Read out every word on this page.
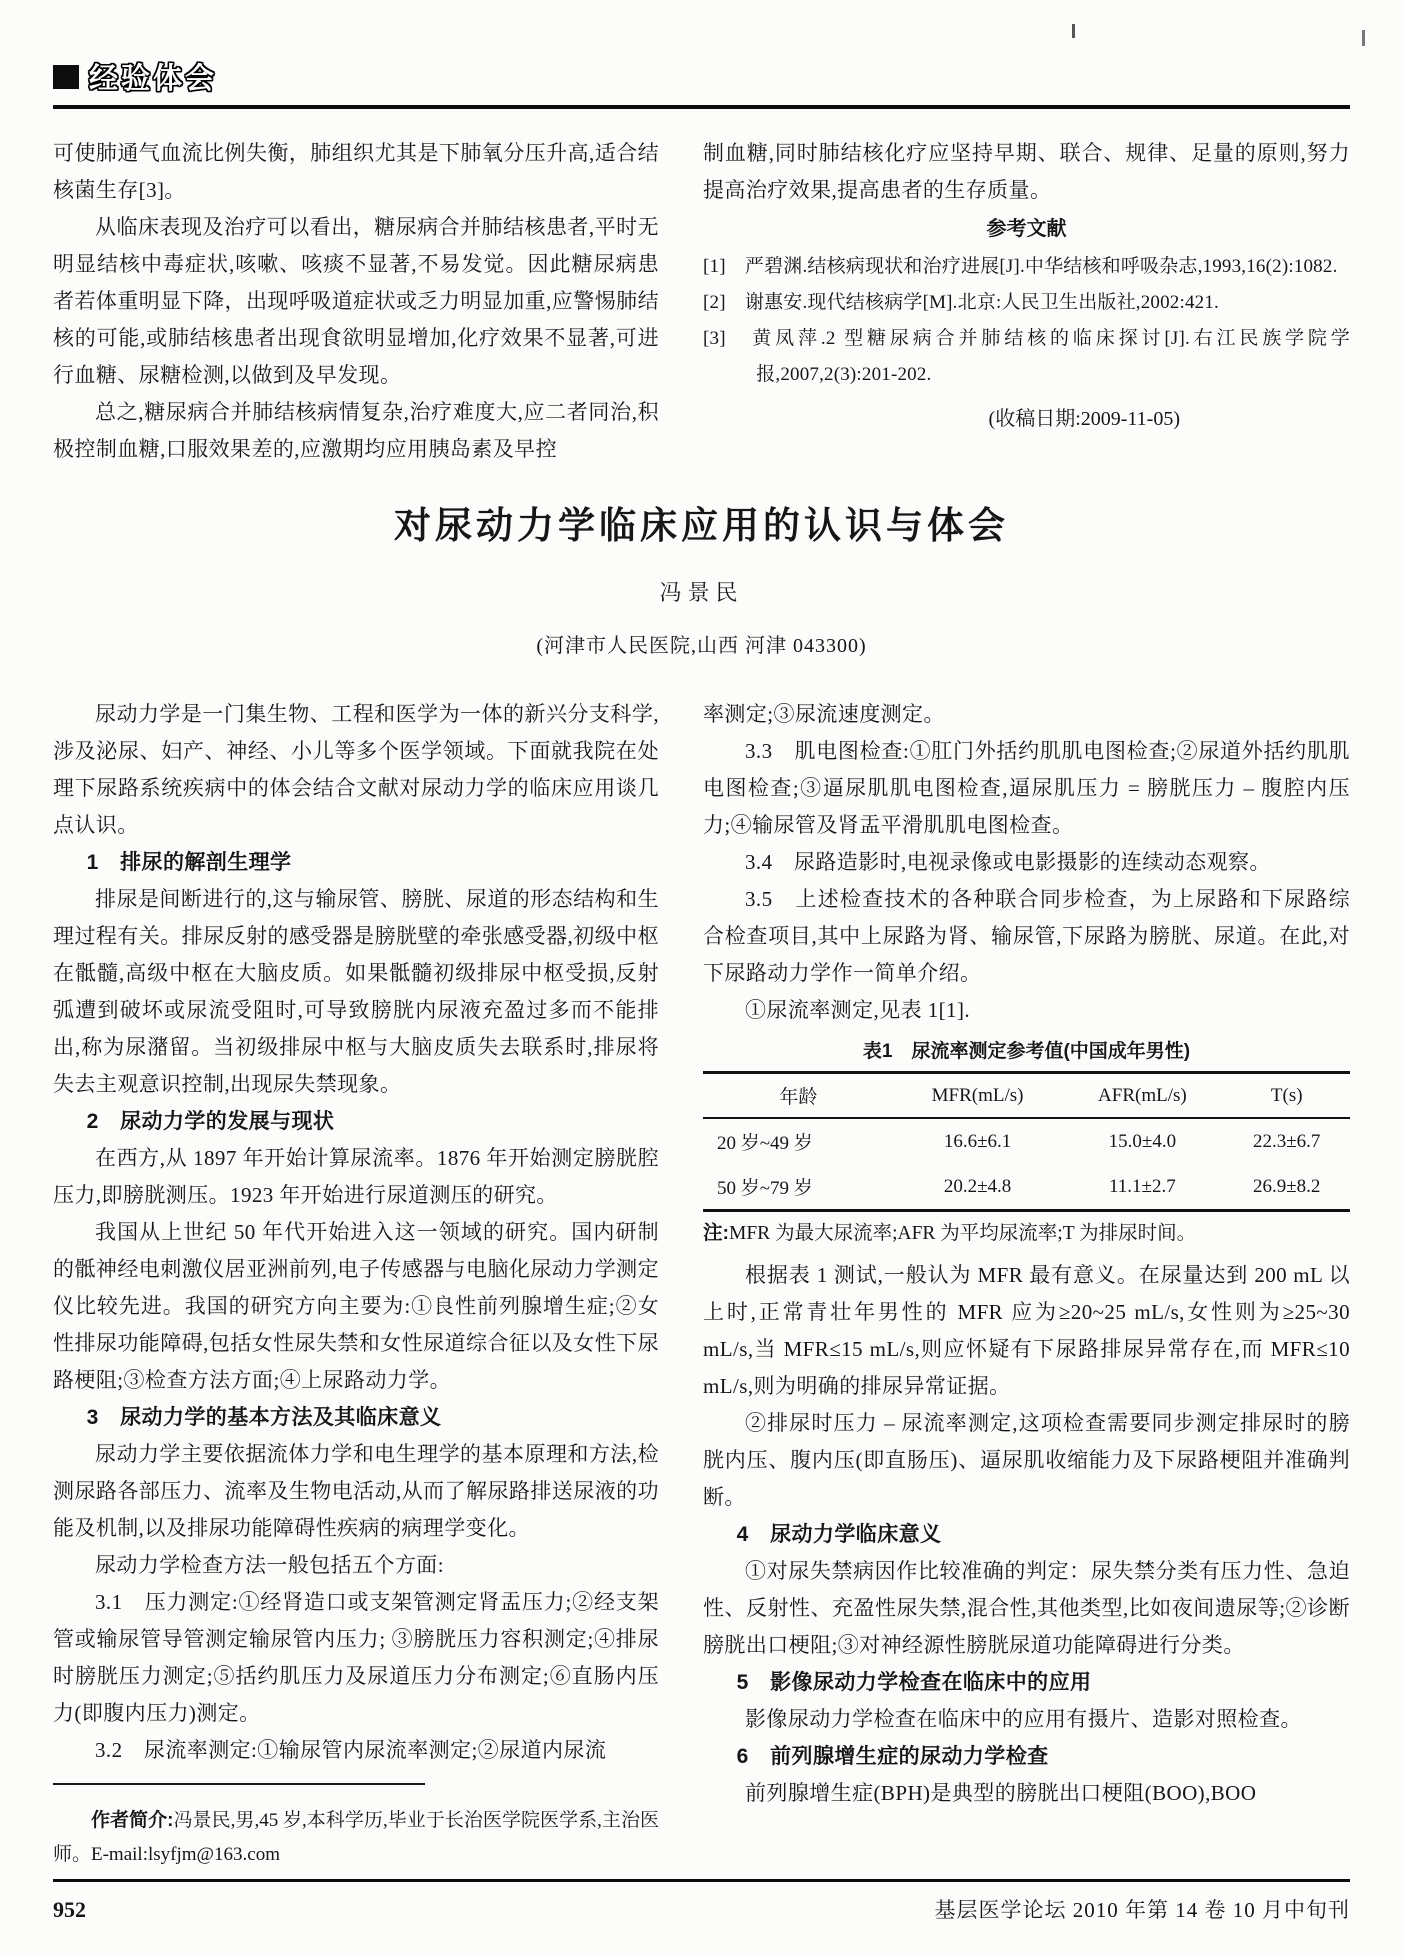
经验体会

可使肺通气血流比例失衡，肺组织尤其是下肺氧分压升高,适合结核菌生存[3]。

从临床表现及治疗可以看出，糖尿病合并肺结核患者,平时无明显结核中毒症状,咳嗽、咳痰不显著,不易发觉。因此糖尿病患者若体重明显下降，出现呼吸道症状或乏力明显加重,应警惕肺结核的可能,或肺结核患者出现食欲明显增加,化疗效果不显著,可进行血糖、尿糖检测,以做到及早发现。

总之,糖尿病合并肺结核病情复杂,治疗难度大,应二者同治,积极控制血糖,口服效果差的,应激期均应用胰岛素及早控

制血糖,同时肺结核化疗应坚持早期、联合、规律、足量的原则,努力提高治疗效果,提高患者的生存质量。

参考文献

[1]　严碧渊.结核病现状和治疗进展[J].中华结核和呼吸杂志,1993,16(2):1082.

[2]　谢惠安.现代结核病学[M].北京:人民卫生出版社,2002:421.

[3]　黄凤萍.2 型糖尿病合并肺结核的临床探讨[J].右江民族学院学报,2007,2(3):201-202.

(收稿日期:2009-11-05)
对尿动力学临床应用的认识与体会
冯景民
(河津市人民医院,山西 河津 043300)

尿动力学是一门集生物、工程和医学为一体的新兴分支科学,涉及泌尿、妇产、神经、小儿等多个医学领域。下面就我院在处理下尿路系统疾病中的体会结合文献对尿动力学的临床应用谈几点认识。

1　排尿的解剖生理学

排尿是间断进行的,这与输尿管、膀胱、尿道的形态结构和生理过程有关。排尿反射的感受器是膀胱壁的牵张感受器,初级中枢在骶髓,高级中枢在大脑皮质。如果骶髓初级排尿中枢受损,反射弧遭到破坏或尿流受阻时,可导致膀胱内尿液充盈过多而不能排出,称为尿潴留。当初级排尿中枢与大脑皮质失去联系时,排尿将失去主观意识控制,出现尿失禁现象。

2　尿动力学的发展与现状

在西方,从 1897 年开始计算尿流率。1876 年开始测定膀胱腔压力,即膀胱测压。1923 年开始进行尿道测压的研究。

我国从上世纪 50 年代开始进入这一领域的研究。国内研制的骶神经电刺激仪居亚洲前列,电子传感器与电脑化尿动力学测定仪比较先进。我国的研究方向主要为:①良性前列腺增生症;②女性排尿功能障碍,包括女性尿失禁和女性尿道综合征以及女性下尿路梗阻;③检查方法方面;④上尿路动力学。

3　尿动力学的基本方法及其临床意义

尿动力学主要依据流体力学和电生理学的基本原理和方法,检测尿路各部压力、流率及生物电活动,从而了解尿路排送尿液的功能及机制,以及排尿功能障碍性疾病的病理学变化。

尿动力学检查方法一般包括五个方面:

3.1　压力测定:①经肾造口或支架管测定肾盂压力;②经支架管或输尿管导管测定输尿管内压力; ③膀胱压力容积测定;④排尿时膀胱压力测定;⑤括约肌压力及尿道压力分布测定;⑥直肠内压力(即腹内压力)测定。

3.2　尿流率测定:①输尿管内尿流率测定;②尿道内尿流

作者简介:冯景民,男,45 岁,本科学历,毕业于长治医学院医学系,主治医师。E-mail:lsyfjm@163.com

率测定;③尿流速度测定。

3.3　肌电图检查:①肛门外括约肌肌电图检查;②尿道外括约肌肌电图检查;③逼尿肌肌电图检查,逼尿肌压力 = 膀胱压力 – 腹腔内压力;④输尿管及肾盂平滑肌肌电图检查。

3.4　尿路造影时,电视录像或电影摄影的连续动态观察。

3.5　上述检查技术的各种联合同步检查，为上尿路和下尿路综合检查项目,其中上尿路为肾、输尿管,下尿路为膀胱、尿道。在此,对下尿路动力学作一简单介绍。

①尿流率测定,见表 1[1].

表1　尿流率测定参考值(中国成年男性)
年龄	MFR(mL/s)	AFR(mL/s)	T(s)
20 岁~49 岁	16.6±6.1	15.0±4.0	22.3±6.7
50 岁~79 岁	20.2±4.8	11.1±2.7	26.9±8.2
注:MFR 为最大尿流率;AFR 为平均尿流率;T 为排尿时间。

根据表 1 测试,一般认为 MFR 最有意义。在尿量达到 200 mL 以上时,正常青壮年男性的 MFR 应为≥20~25 mL/s,女性则为≥25~30 mL/s,当 MFR≤15 mL/s,则应怀疑有下尿路排尿异常存在,而 MFR≤10 mL/s,则为明确的排尿异常证据。

②排尿时压力 – 尿流率测定,这项检查需要同步测定排尿时的膀胱内压、腹内压(即直肠压)、逼尿肌收缩能力及下尿路梗阻并准确判断。

4　尿动力学临床意义

①对尿失禁病因作比较准确的判定：尿失禁分类有压力性、急迫性、反射性、充盈性尿失禁,混合性,其他类型,比如夜间遗尿等;②诊断膀胱出口梗阻;③对神经源性膀胱尿道功能障碍进行分类。

5　影像尿动力学检查在临床中的应用

影像尿动力学检查在临床中的应用有摄片、造影对照检查。

6　前列腺增生症的尿动力学检查

前列腺增生症(BPH)是典型的膀胱出口梗阻(BOO),BOO

952	基层医学论坛 2010 年第 14 卷 10 月中旬刊
